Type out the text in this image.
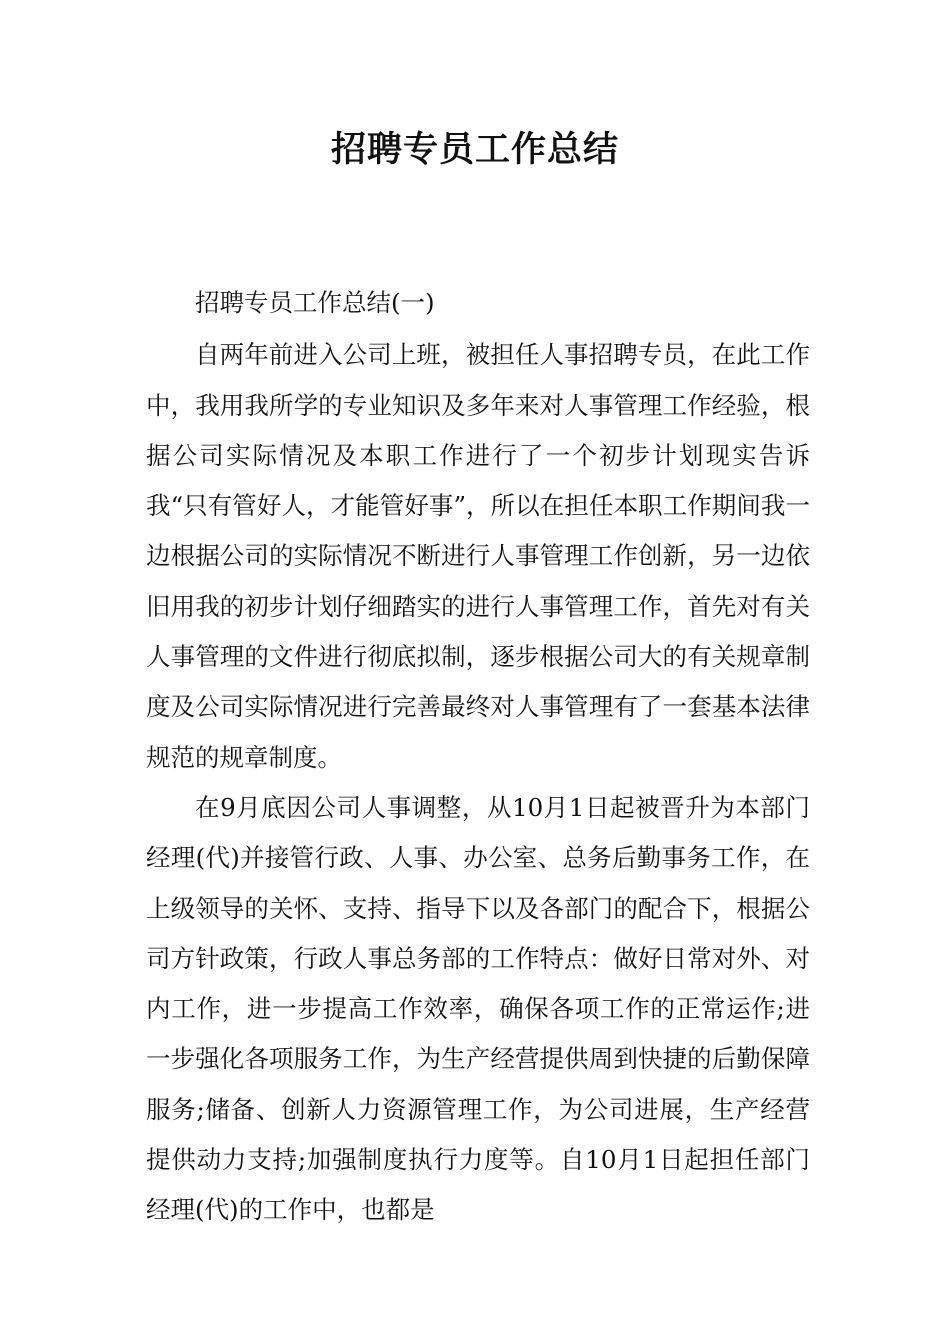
招聘专员工作总结

招聘专员工作总结(一)

自两年前进入公司上班，被担任人事招聘专员，在此工作中，我用我所学的专业知识及多年来对人事管理工作经验，根据公司实际情况及本职工作进行了一个初步计划现实告诉我“只有管好人，才能管好事”，所以在担任本职工作期间我一边根据公司的实际情况不断进行人事管理工作创新，另一边依旧用我的初步计划仔细踏实的进行人事管理工作，首先对有关人事管理的文件进行彻底拟制，逐步根据公司大的有关规章制度及公司实际情况进行完善最终对人事管理有了一套基本法律规范的规章制度。

在9月底因公司人事调整，从10月1日起被晋升为本部门经理(代)并接管行政、人事、办公室、总务后勤事务工作，在上级领导的关怀、支持、指导下以及各部门的配合下，根据公司方针政策，行政人事总务部的工作特点：做好日常对外、对内工作，进一步提高工作效率，确保各项工作的正常运作;进一步强化各项服务工作，为生产经营提供周到快捷的后勤保障服务;储备、创新人力资源管理工作，为公司进展，生产经营提供动力支持;加强制度执行力度等。自10月1日起担任部门经理(代)的工作中，也都是
